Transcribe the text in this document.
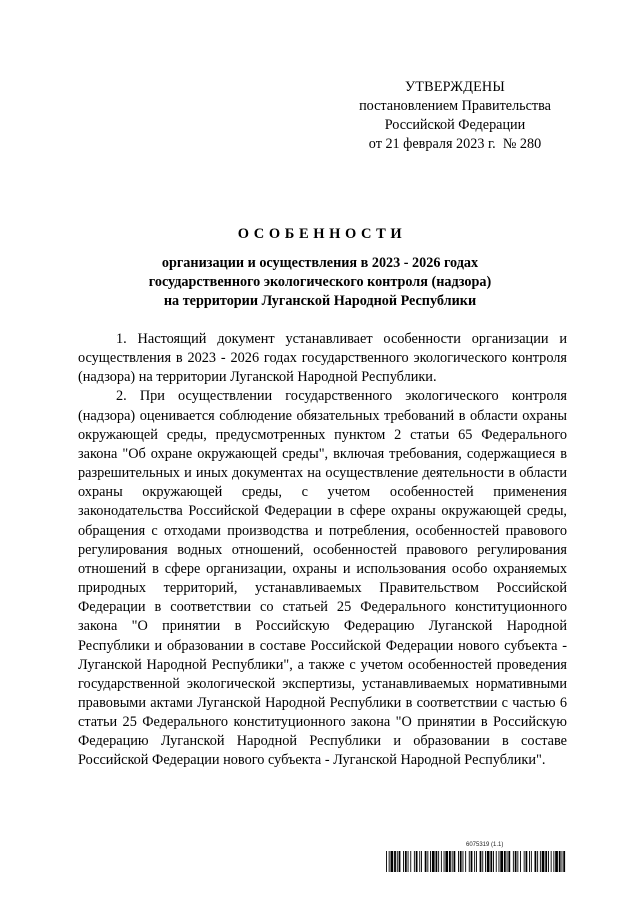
УТВЕРЖДЕНЫ
постановлением Правительства
Российской Федерации
от 21 февраля 2023 г.  № 280
ОСОБЕННОСТИ
организации и осуществления в 2023 - 2026 годах
государственного экологического контроля (надзора)
на территории Луганской Народной Республики

1. Настоящий документ устанавливает особенности организации и осуществления в 2023 - 2026 годах государственного экологического контроля (надзора) на территории Луганской Народной Республики.

2. При осуществлении государственного экологического контроля (надзора) оценивается соблюдение обязательных требований в области охраны окружающей среды, предусмотренных пунктом 2 статьи 65 Федерального закона "Об охране окружающей среды", включая требования, содержащиеся в разрешительных и иных документах на осуществление деятельности в области охраны окружающей среды, с учетом особенностей применения законодательства Российской Федерации в сфере охраны окружающей среды, обращения с отходами производства и потребления, особенностей правового регулирования водных отношений, особенностей правового регулирования отношений в сфере организации, охраны и использования особо охраняемых природных территорий, устанавливаемых Правительством Российской Федерации в соответствии со статьей 25 Федерального конституционного закона "О принятии в Российскую Федерацию Луганской Народной Республики и образовании в составе Российской Федерации нового субъекта - Луганской Народной Республики", а также с учетом особенностей проведения государственной экологической экспертизы, устанавливаемых нормативными правовыми актами Луганской Народной Республики в соответствии с частью 6 статьи 25 Федерального конституционного закона "О принятии в Российскую Федерацию Луганской Народной Республики и образовании в составе Российской Федерации нового субъекта - Луганской Народной Республики".

6075319 (1.1)
